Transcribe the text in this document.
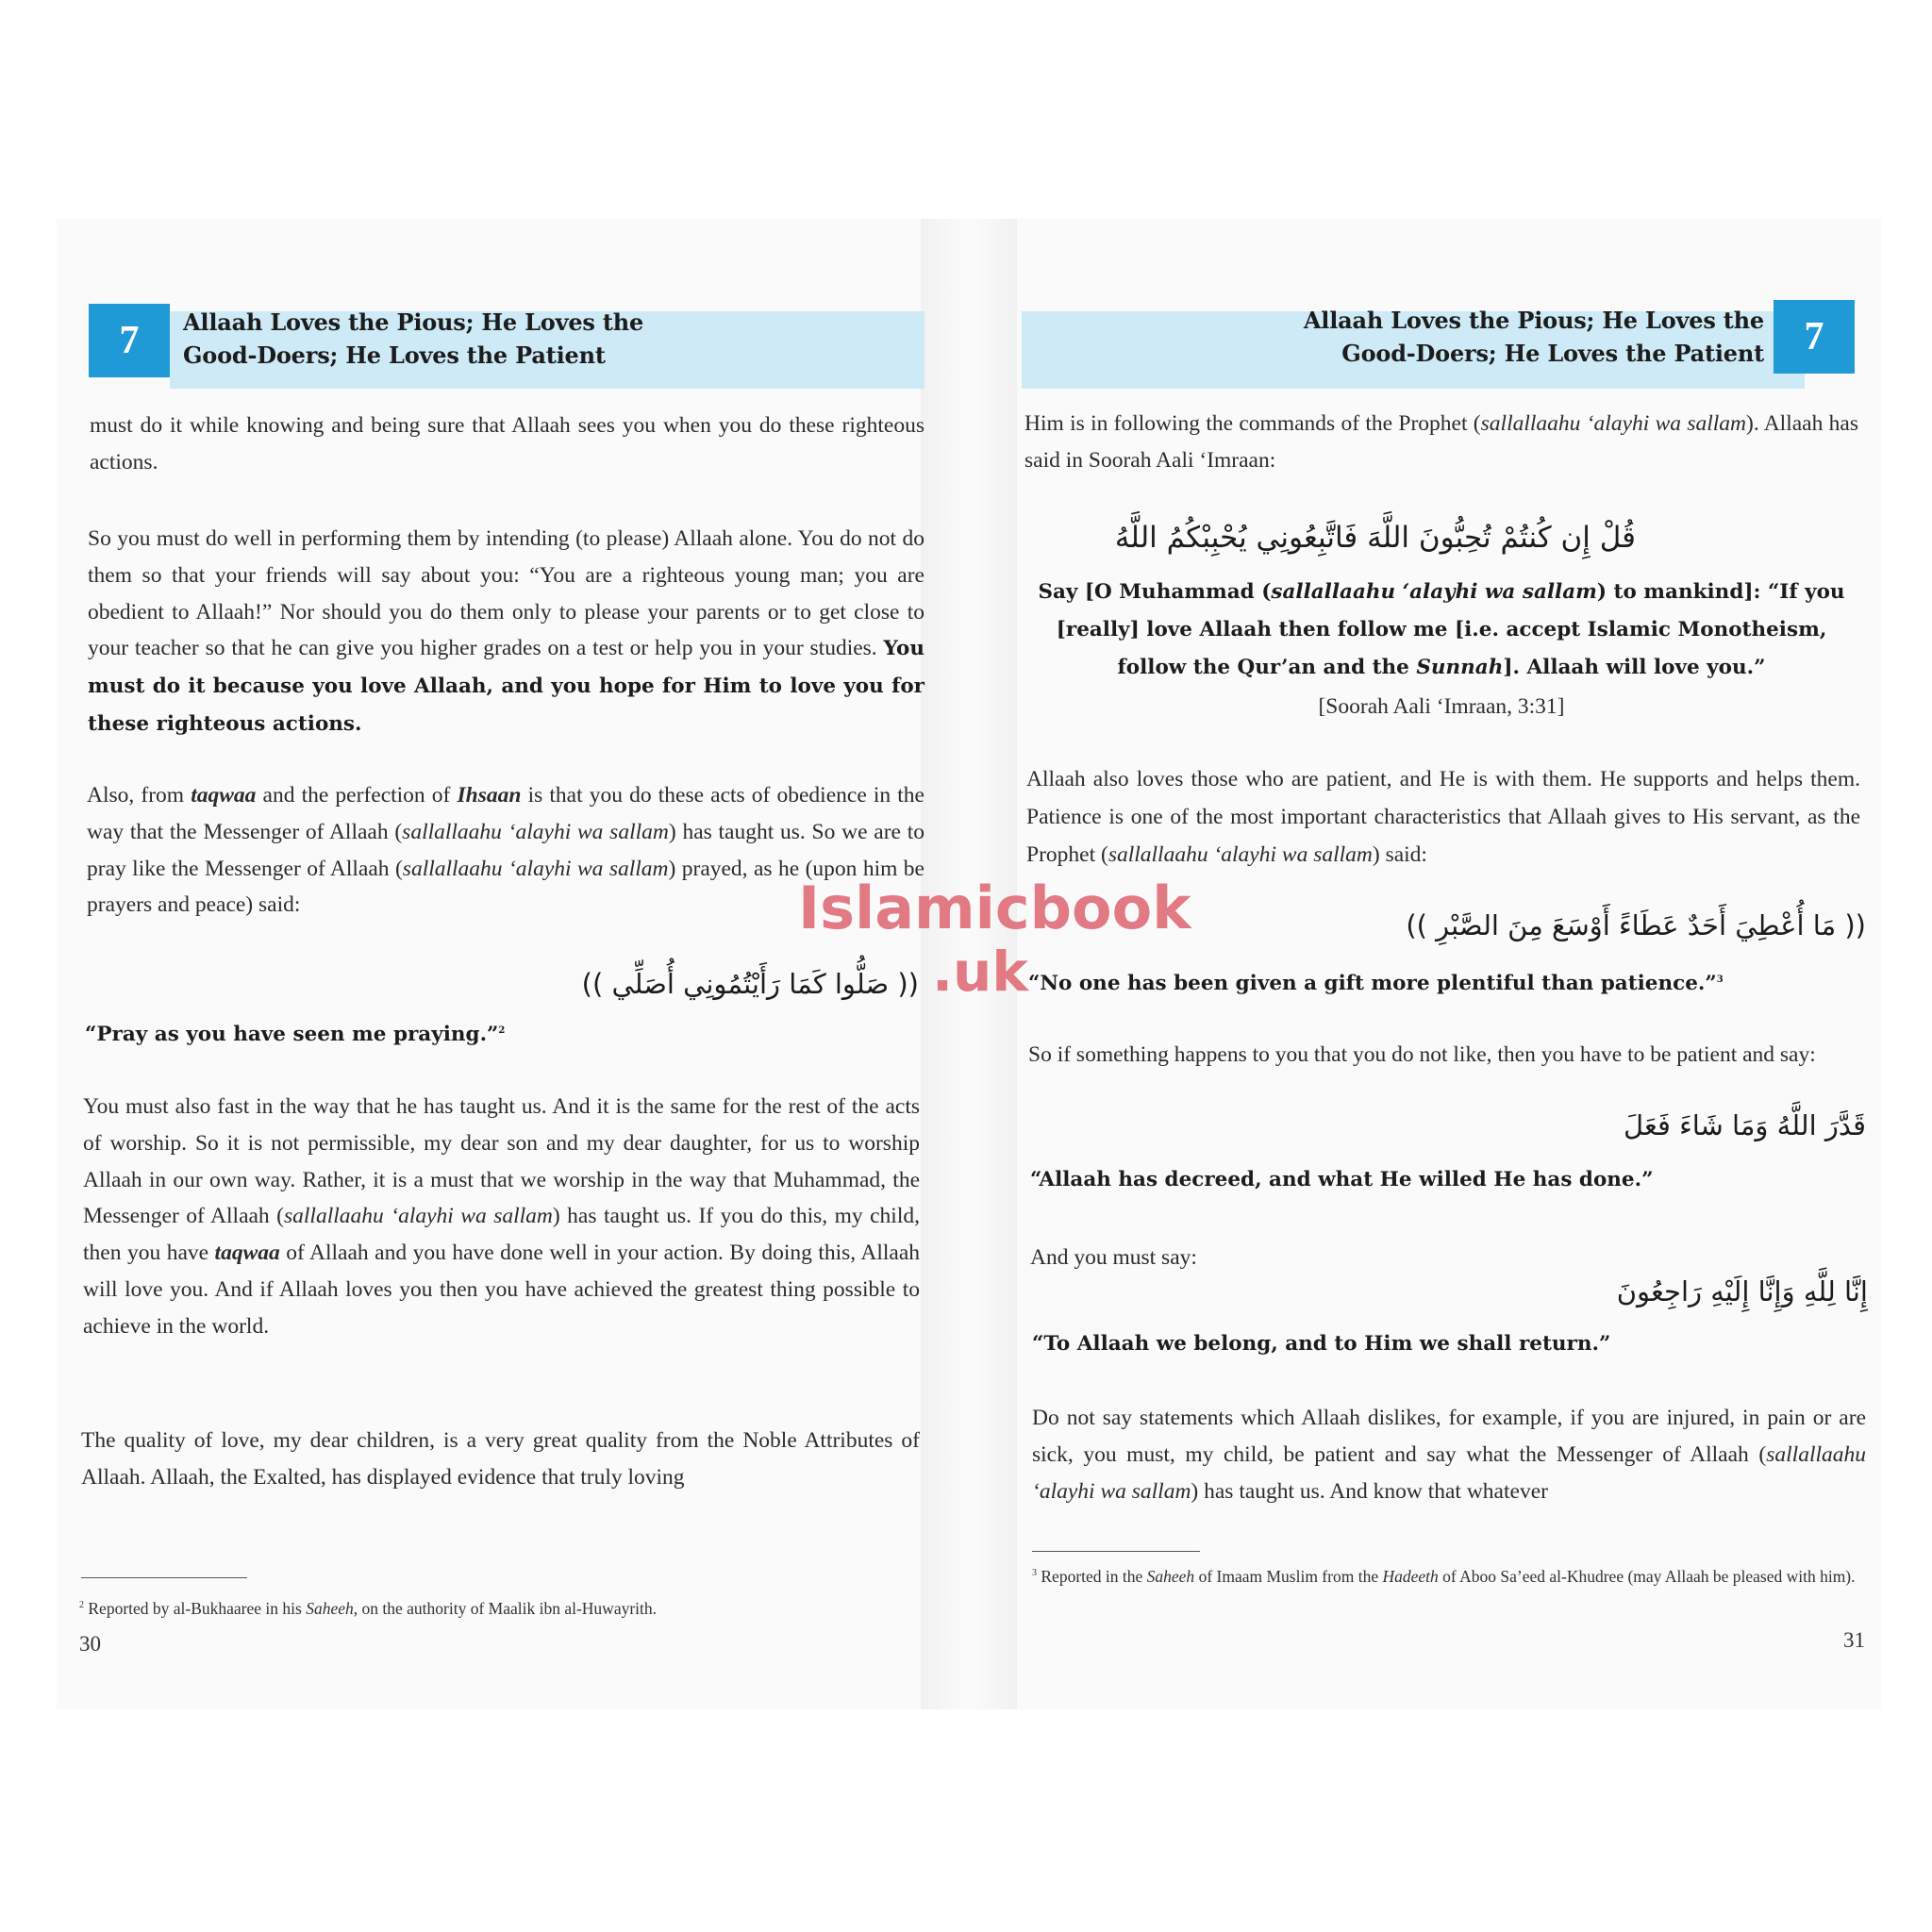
7	Allaah Loves the Pious; He Loves the
Good-Doers; He Loves the Patient
must do it while knowing and being sure that Allaah sees you when you do these righteous actions.
So you must do well in performing them by intending (to please) Allaah alone. You do not do them so that your friends will say about you: “You are a righteous young man; you are obedient to Allaah!” Nor should you do them only to please your parents or to get close to your teacher so that he can give you higher grades on a test or help you in your studies. You must do it because you love Allaah, and you hope for Him to love you for these righteous actions.
Also, from taqwaa and the perfection of Ihsaan is that you do these acts of obedience in the way that the Messenger of Allaah (sallallaahu ‘alayhi wa sallam) has taught us. So we are to pray like the Messenger of Allaah (sallallaahu ‘alayhi wa sallam) prayed, as he (upon him be prayers and peace) said:
(( صَلُّوا كَمَا رَأَيْتُمُونِي أُصَلِّي ))
“Pray as you have seen me praying.”$^2$
You must also fast in the way that he has taught us. And it is the same for the rest of the acts of worship. So it is not permissible, my dear son and my dear daughter, for us to worship Allaah in our own way. Rather, it is a must that we worship in the way that Muhammad, the Messenger of Allaah (sallallaahu ‘alayhi wa sallam) has taught us. If you do this, my child, then you have taqwaa of Allaah and you have done well in your action. By doing this, Allaah will love you. And if Allaah loves you then you have achieved the greatest thing possible to achieve in the world.
The quality of love, my dear children, is a very great quality from the Noble Attributes of Allaah. Allaah, the Exalted, has displayed evidence that truly loving
$^2$ Reported by al-Bukhaaree in his Saheeh, on the authority of Maalik ibn al-Huwayrith.
30
7
Allaah Loves the Pious; He Loves the
Good-Doers; He Loves the Patient
Him is in following the commands of the Prophet (sallallaahu ‘alayhi wa sallam). Allaah has said in Soorah Aali ‘Imraan:
قُلْ إِن كُنتُمْ تُحِبُّونَ اللَّهَ فَاتَّبِعُونِي يُحْبِبْكُمُ اللَّهُ
Say [O Muhammad (sallallaahu ‘alayhi wa sallam) to mankind]: “If you [really] love Allaah then follow me [i.e. accept Islamic Monotheism, follow the Qur’an and the Sunnah]. Allaah will love you.”
[Soorah Aali ‘Imraan, 3:31]
Allaah also loves those who are patient, and He is with them. He supports and helps them. Patience is one of the most important characteristics that Allaah gives to His servant, as the Prophet (sallallaahu ‘alayhi wa sallam) said:
(( مَا أُعْطِيَ أَحَدٌ عَطَاءً أَوْسَعَ مِنَ الصَّبْرِ ))
“No one has been given a gift more plentiful than patience.”$^3$
So if something happens to you that you do not like, then you have to be patient and say:
قَدَّرَ اللَّهُ وَمَا شَاءَ فَعَلَ
“Allaah has decreed, and what He willed He has done.”
And you must say:
إِنَّا لِلَّهِ وَإِنَّا إِلَيْهِ رَاجِعُونَ
“To Allaah we belong, and to Him we shall return.”
Do not say statements which Allaah dislikes, for example, if you are injured, in pain or are sick, you must, my child, be patient and say what the Messenger of Allaah (sallallaahu ‘alayhi wa sallam) has taught us. And know that whatever
$^3$ Reported in the Saheeh of Imaam Muslim from the Hadeeth of Aboo Sa’eed al-Khudree (may Allaah be pleased with him).
31
Islamicbook
.uk
